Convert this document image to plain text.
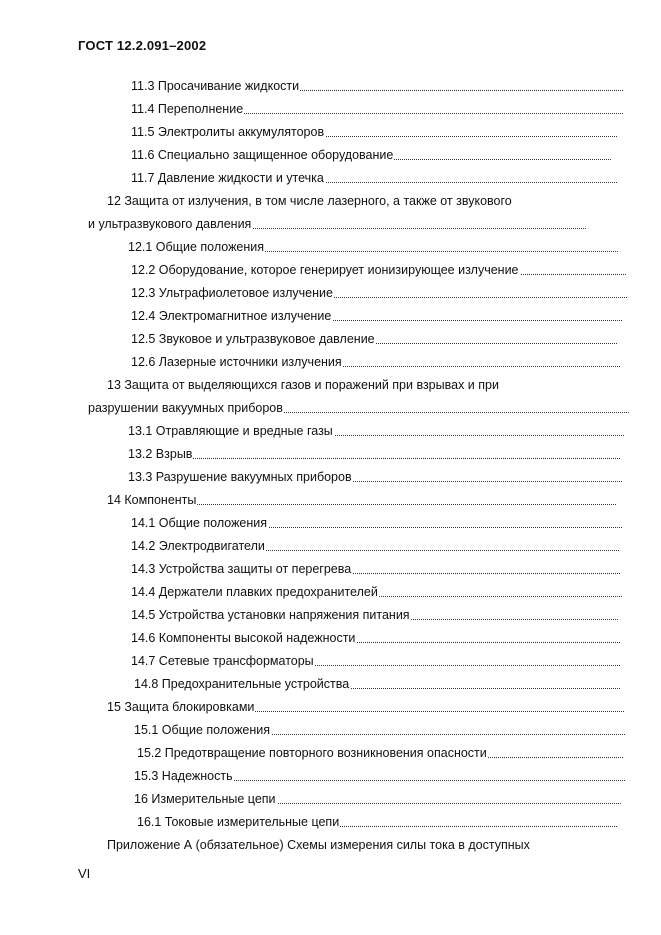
ГОСТ 12.2.091–2002
11.3 Просачивание жидкости
11.4 Переполнение
11.5 Электролиты аккумуляторов
11.6 Специально защищенное оборудование
11.7 Давление жидкости и утечка
12 Защита от излучения, в том числе лазерного, а также от звукового
и ультразвукового давления
12.1 Общие положения
12.2 Оборудование, которое генерирует ионизирующее излучение
12.3 Ультрафиолетовое излучение
12.4 Электромагнитное излучение
12.5 Звуковое и ультразвуковое давление
12.6 Лазерные источники излучения
13 Защита от выделяющихся газов и поражений при взрывах и при
разрушении вакуумных приборов
13.1 Отравляющие и вредные газы
13.2 Взрыв
13.3 Разрушение вакуумных приборов
14 Компоненты
14.1 Общие положения
14.2 Электродвигатели
14.3 Устройства защиты от перегрева
14.4 Держатели плавких предохранителей
14.5 Устройства установки напряжения питания
14.6 Компоненты высокой надежности
14.7 Сетевые трансформаторы
14.8 Предохранительные устройства
15 Защита блокировками
15.1 Общие положения
15.2 Предотвращение повторного возникновения опасности
15.3 Надежность
16 Измерительные цепи
16.1 Токовые измерительные цепи
Приложение А (обязательное) Схемы измерения силы тока в доступных
VI
